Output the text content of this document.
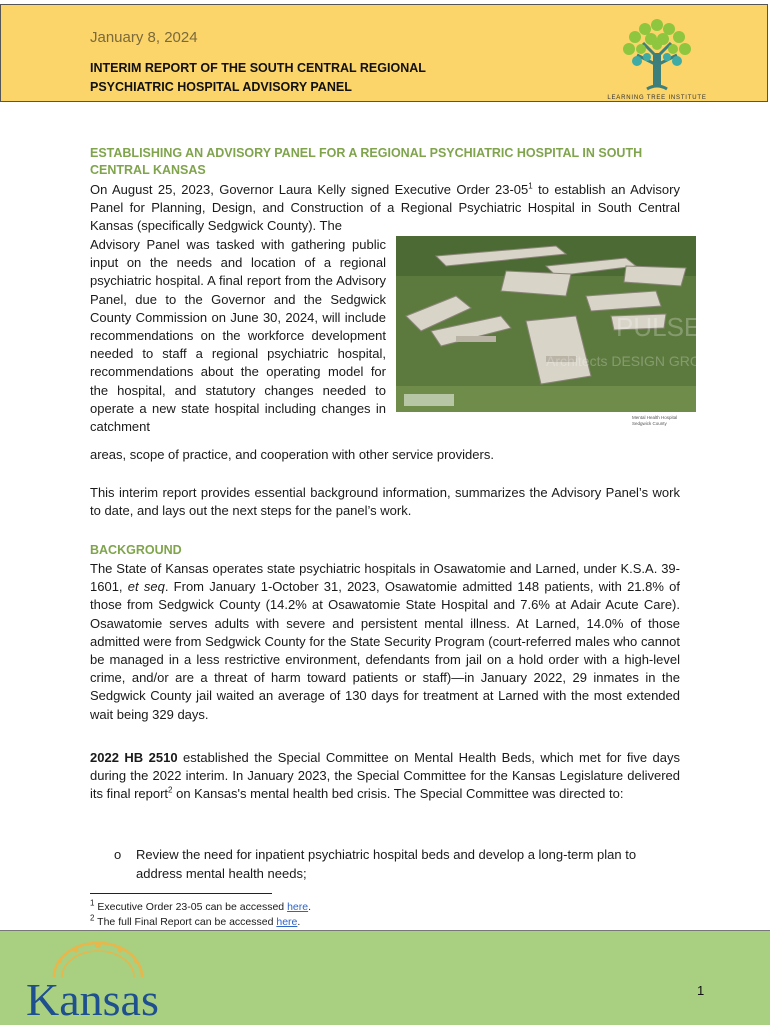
January 8, 2024
INTERIM REPORT OF THE SOUTH CENTRAL REGIONAL
PSYCHIATRIC HOSPITAL ADVISORY PANEL
LEARNING TREE INSTITUTE
ESTABLISHING AN ADVISORY PANEL FOR A REGIONAL PSYCHIATRIC HOSPITAL IN SOUTH CENTRAL KANSAS

On August 25, 2023, Governor Laura Kelly signed Executive Order $23-05^1$ to establish an Advisory Panel for Planning, Design, and Construction of a Regional Psychiatric Hospital in South Central Kansas (specifically Sedgwick County). The

Advisory Panel was tasked with gathering public input on the needs and location of a regional psychiatric hospital. A final report from the Advisory Panel, due to the Governor and the Sedgwick County Commission on June 30, 2024, will include recommendations on the workforce development needed to staff a regional psychiatric hospital, recommendations about the operating model for the hospital, and statutory changes needed to operate a new state hospital including changes in catchment

areas, scope of practice, and cooperation with other service providers.

PULSE
Architects DESIGN GROUP
Mental Health Hospital
Sedgwick County

This interim report provides essential background information, summarizes the Advisory Panel’s work to date, and lays out the next steps for the panel’s work.

BACKGROUND

The State of Kansas operates state psychiatric hospitals in Osawatomie and Larned, under K.S.A. 39-1601, et seq. From January 1-October 31, 2023, Osawatomie admitted 148 patients, with 21.8% of those from Sedgwick County (14.2% at Osawatomie State Hospital and 7.6% at Adair Acute Care). Osawatomie serves adults with severe and persistent mental illness. At Larned, 14.0% of those admitted were from Sedgwick County for the State Security Program (court-referred males who cannot be managed in a less restrictive environment, defendants from jail on a hold order with a high-level crime, and/or are a threat of harm toward patients or staff)—in January 2022, 29 inmates in the Sedgwick County jail waited an average of 130 days for treatment at Larned with the most extended wait being 329 days.

2022 HB 2510 established the Special Committee on Mental Health Beds, which met for five days during the 2022 interim. In January 2023, the Special Committee for the Kansas Legislature delivered its final report$^2$ on Kansas's mental health bed crisis. The Special Committee was directed to:

o Review the need for inpatient psychiatric hospital beds and develop a long-term plan to address mental health needs;
$^1$ Executive Order 23-05 can be accessed here.
$^2$ The full Final Report can be accessed here.
Kansas	1
